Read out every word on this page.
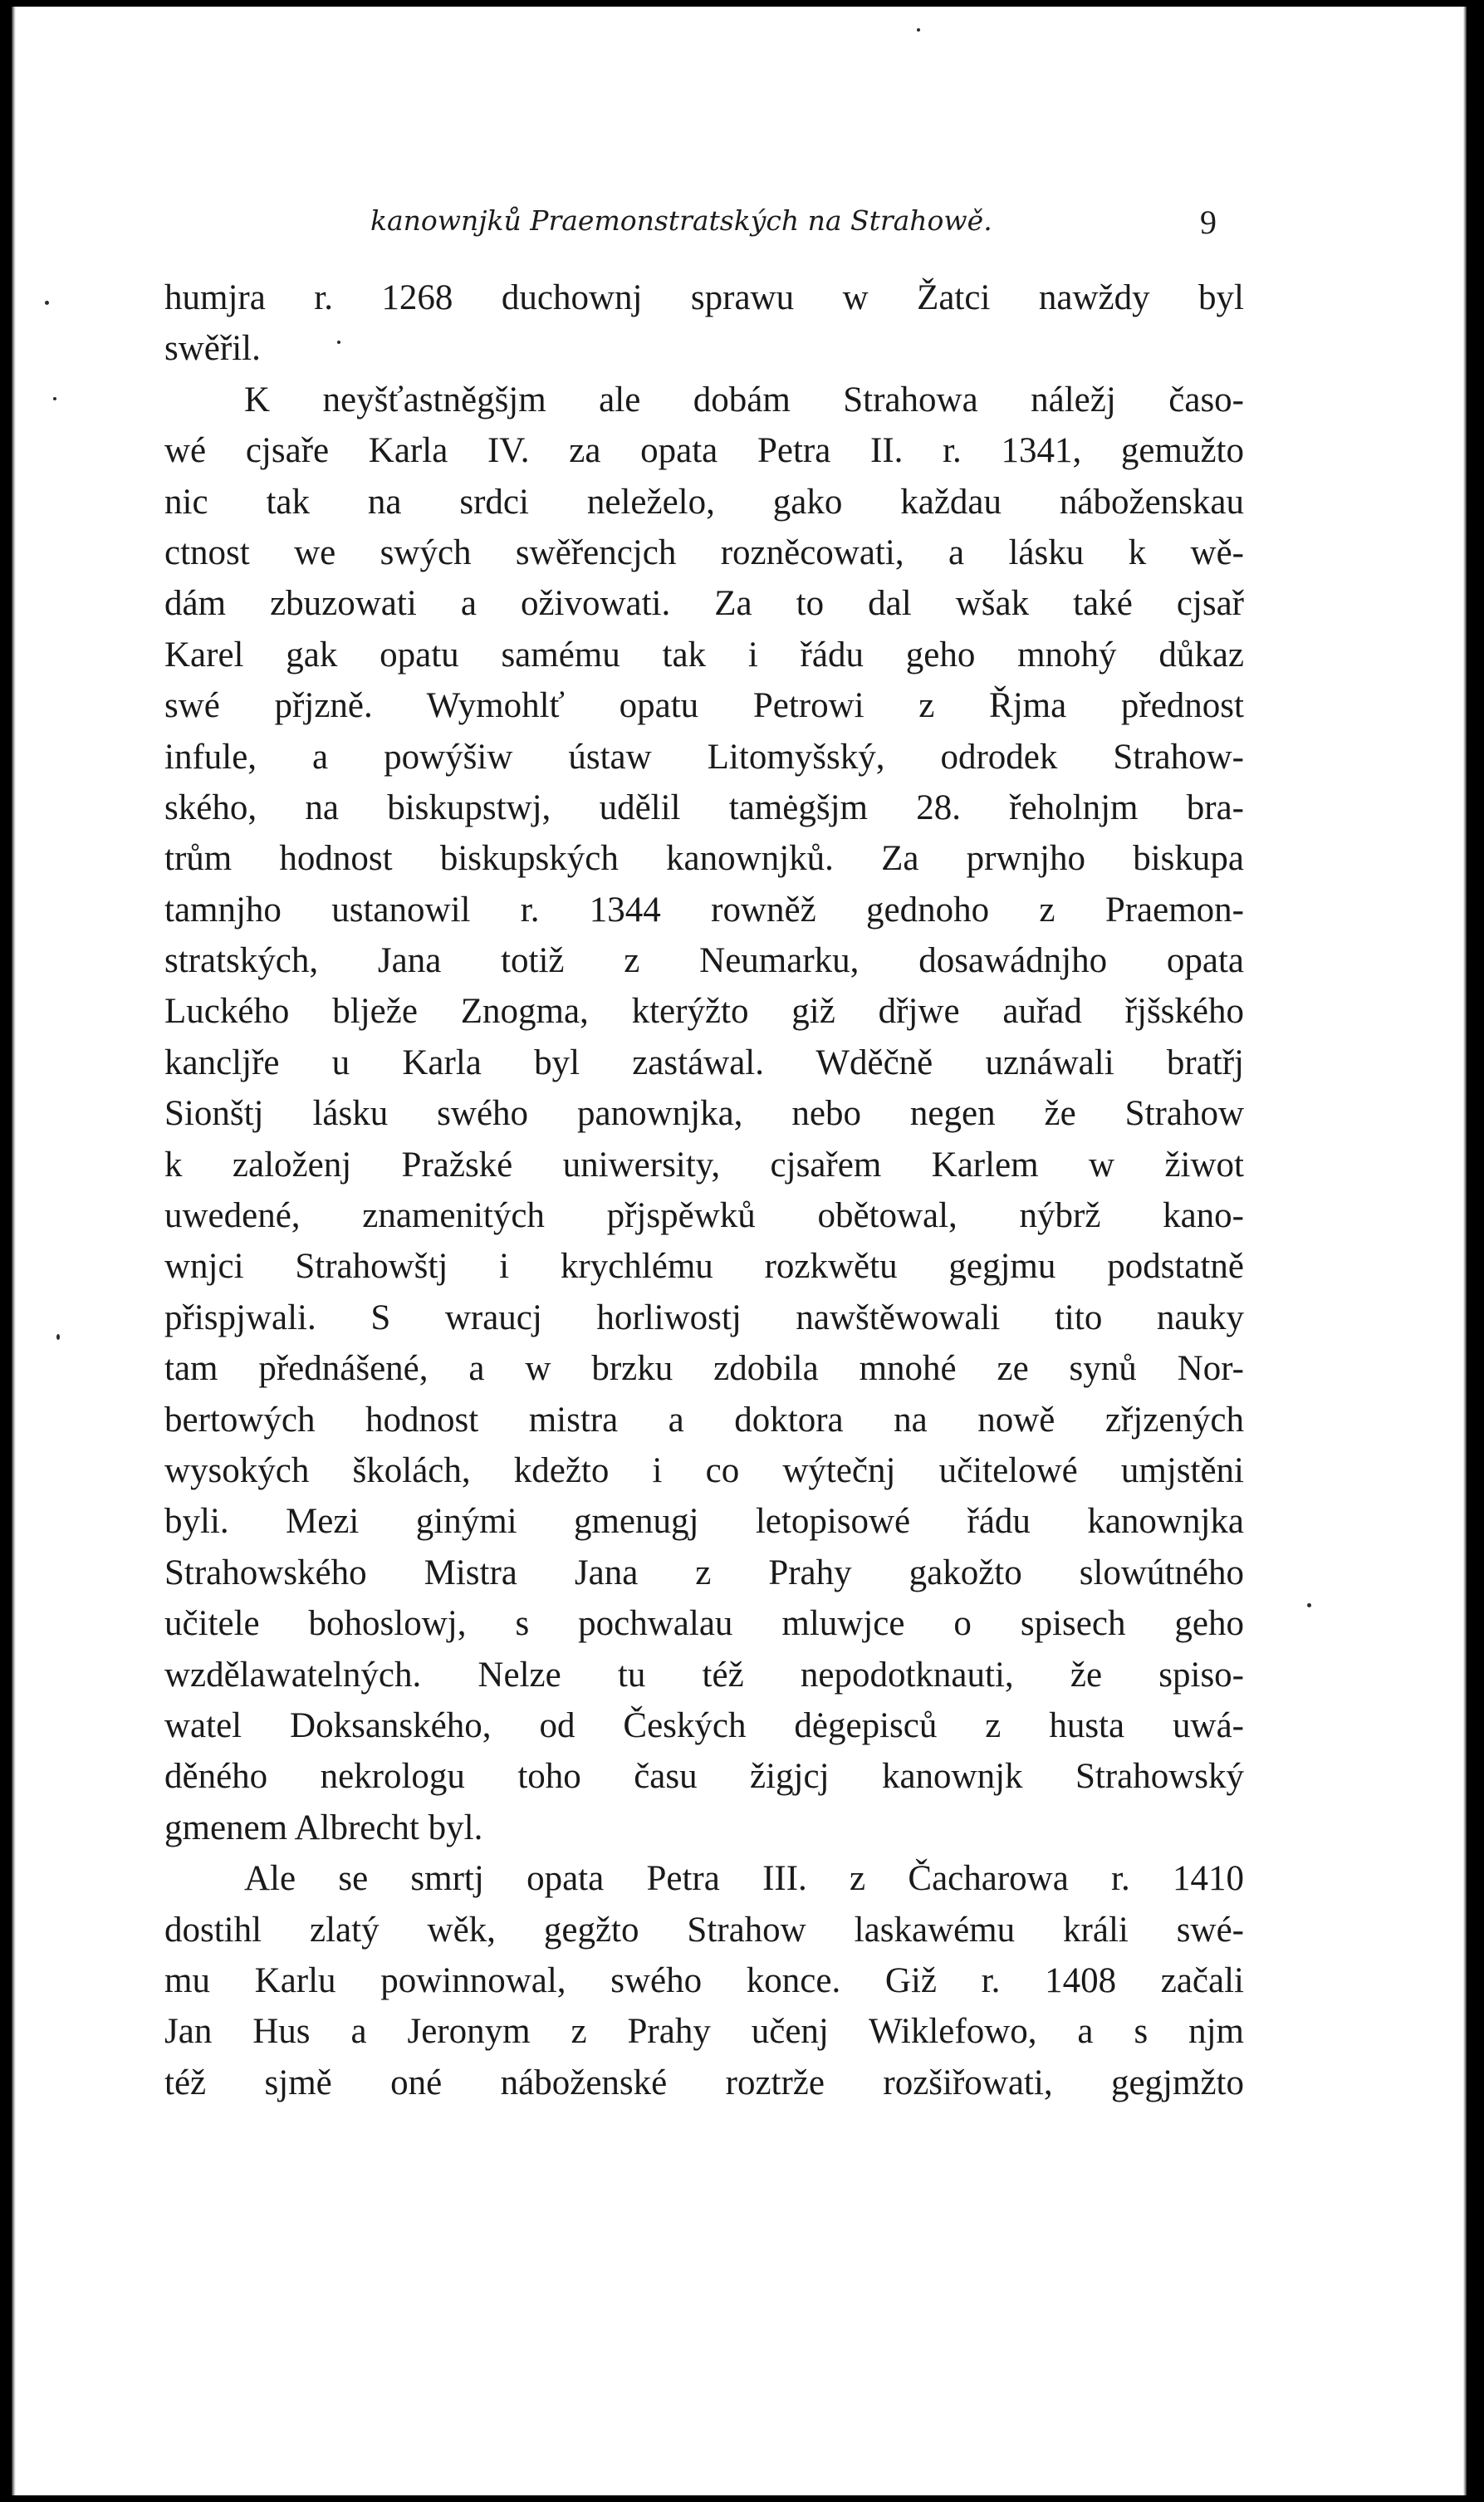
kanownjků Praemonstratských na Strahowě.	9
humjra r. 1268 duchownj sprawu w Žatci nawždy byl
swěřil.
K neyšťastněgšjm ale dobám Strahowa náležj časo-
wé cjsaře Karla IV. za opata Petra II. r. 1341, gemužto
nic tak na srdci neleželo, gako každau náboženskau
ctnost we swých swěřencjch rozněcowati, a lásku k wě-
dám zbuzowati a oživowati. Za to dal wšak také cjsař
Karel gak opatu samému tak i řádu geho mnohý důkaz
swé přjzně. Wymohlť opatu Petrowi z Řjma přednost
infule, a powýšiw ústaw Litomyšský, odrodek Strahow-
ského, na biskupstwj, udělil tamėgšjm 28. řeholnjm bra-
trům hodnost biskupských kanownjků. Za prwnjho biskupa
tamnjho ustanowil r. 1344 rowněž gednoho z Praemon-
stratských, Jana totiž z Neumarku, dosawádnjho opata
Luckého blježe Znogma, kterýžto giž dřjwe auřad řjšského
kancljře u Karla byl zastáwal. Wděčně uznáwali bratřj
Sionštj lásku swého panownjka, nebo negen že Strahow
k založenj Pražské uniwersity, cjsařem Karlem w žiwot
uwedené, znamenitých přjspěwků obětowal, nýbrž kano-
wnjci Strahowštj i krychlému rozkwětu gegjmu podstatně
přispjwali. S wraucj horliwostj nawštěwowali tito nauky
tam přednášené, a w brzku zdobila mnohé ze synů Nor-
bertowých hodnost mistra a doktora na nowě zřjzených
wysokých školách, kdežto i co wýtečnj učitelowé umjstěni
byli. Mezi ginými gmenugj letopisowé řádu kanownjka
Strahowského Mistra Jana z Prahy gakožto slowútného
učitele bohoslowj, s pochwalau mluwjce o spisech geho
wzdělawatelných. Nelze tu též nepodotknauti, že spiso-
watel Doksanského, od Českých dėgepisců z husta uwá-
děného nekrologu toho času žigjcj kanownjk Strahowský
gmenem Albrecht byl.
Ale se smrtj opata Petra III. z Čacharowa r. 1410
dostihl zlatý wěk, gegžto Strahow laskawému králi swé-
mu Karlu powinnowal, swého konce. Giž r. 1408 začali
Jan Hus a Jeronym z Prahy učenj Wiklefowo, a s njm
též sjmě oné náboženské roztrže rozšiřowati, gegjmžto
